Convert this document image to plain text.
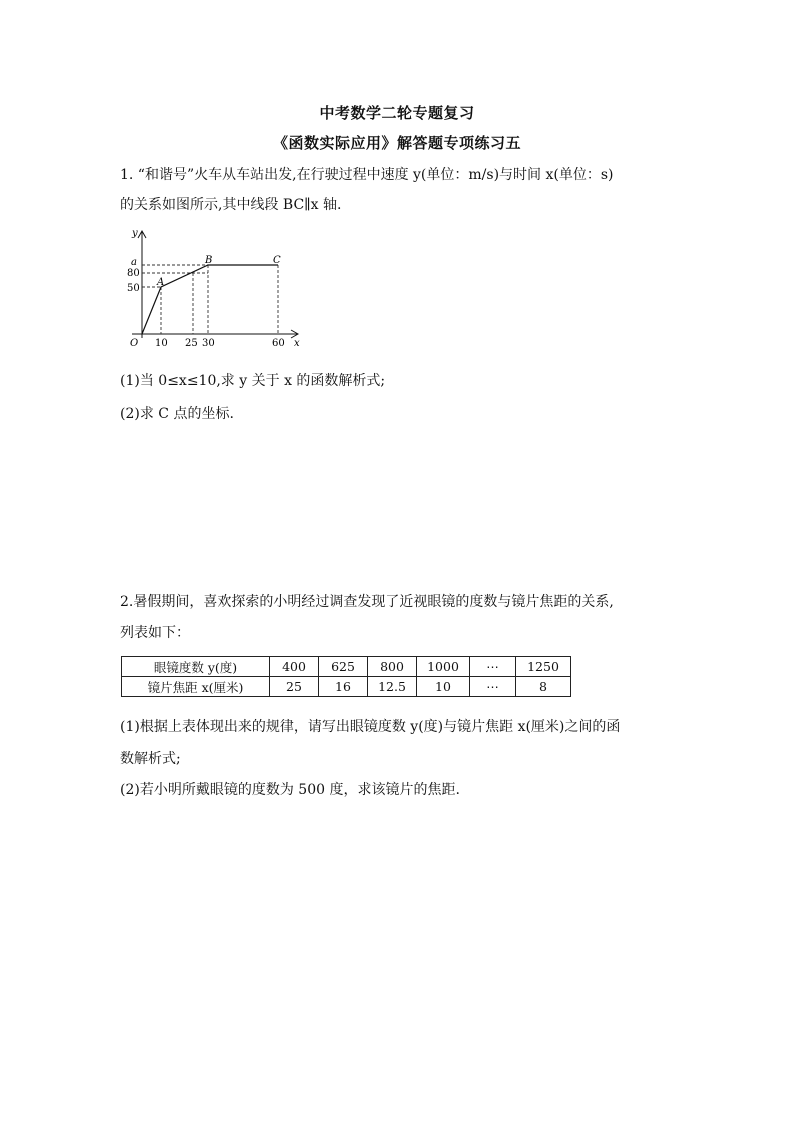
中考数学二轮专题复习
《函数实际应用》解答题专项练习五
1. “和谐号”火车从车站出发,在行驶过程中速度 y(单位：m/s)与时间 x(单位：s)
的关系如图所示,其中线段 BC∥x 轴.
A
B	C
y
x
O
a
80
50
10 25 30	60
(1)当 0≤x≤10,求 y 关于 x 的函数解析式;
(2)求 C 点的坐标.
2.暑假期间，喜欢探索的小明经过调查发现了近视眼镜的度数与镜片焦距的关系,
列表如下：
眼镜度数 y(度)	400	625	800	1000	⋯	1250
镜片焦距 x(厘米)	25	16	12.5	10	⋯	8
(1)根据上表体现出来的规律，请写出眼镜度数 y(度)与镜片焦距 x(厘米)之间的函
数解析式;
(2)若小明所戴眼镜的度数为 500 度，求该镜片的焦距.
